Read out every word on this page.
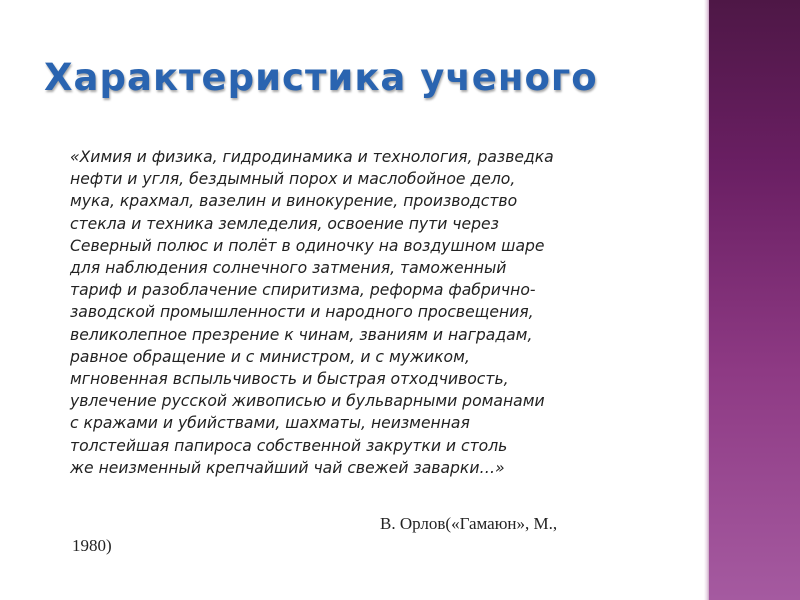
Характеристика ученого
«Химия и физика, гидродинамика и технология, разведка
нефти и угля, бездымный порох и маслобойное дело,
мука, крахмал, вазелин и винокурение, производство
стекла и техника земледелия, освоение пути через
Северный полюс и полёт в одиночку на воздушном шаре
для наблюдения солнечного затмения, таможенный
тариф и разоблачение спиритизма, реформа фабрично-
заводской промышленности и народного просвещения,
великолепное презрение к чинам, званиям и наградам,
равное обращение и с министром, и с мужиком,
мгновенная вспыльчивость и быстрая отходчивость,
увлечение русской живописью и бульварными романами
с кражами и убийствами, шахматы, неизменная
толстейшая папироса собственной закрутки и столь
же неизменный крепчайший чай свежей заварки…»

В. Орлов(«Гамаюн», М.,

1980)
